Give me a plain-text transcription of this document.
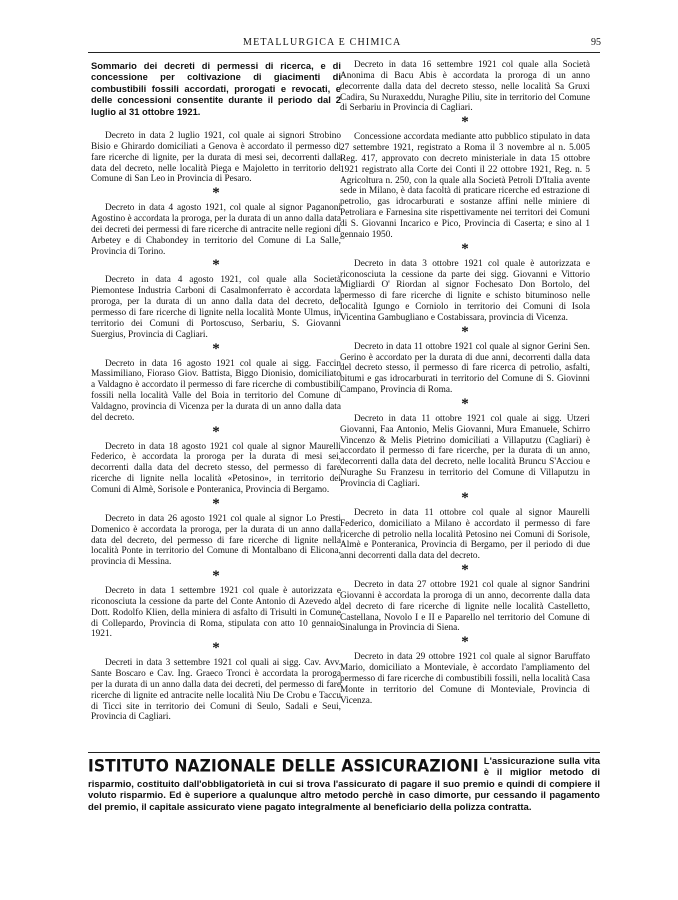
METALLURGICA E CHIMICA	95
Sommario dei decreti di permessi di ricerca, e di concessione per coltivazione di giacimenti di combustibili fossili accordati, prorogati e revocati, e delle concessioni consentite durante il periodo dal 2 luglio al 31 ottobre 1921.

Decreto in data 2 luglio 1921, col quale ai signori Strobino Bisio e Ghirardo domiciliati a Genova è accordato il permesso di fare ricerche di lignite, per la durata di mesi sei, decorrenti dalla data del decreto, nelle località Piega e Majoletto in territorio del Comune di San Leo in Provincia di Pesaro.

*

Decreto in data 4 agosto 1921, col quale al signor Paganoni Agostino è accordata la proroga, per la durata di un anno dalla data dei decreti dei permessi di fare ricerche di antracite nelle regioni di Arbetey e di Chabondey in territorio del Comune di La Salle, Provincia di Torino.

*

Decreto in data 4 agosto 1921, col quale alla Società Piemontese Industria Carboni di Casalmonferrato è accordata la proroga, per la durata di un anno dalla data del decreto, del permesso di fare ricerche di lignite nella località Monte Ulmus, in territorio dei Comuni di Portoscuso, Serbariu, S. Giovanni Suergius, Provincia di Cagliari.

*

Decreto in data 16 agosto 1921 col quale ai sigg. Faccin Massimiliano, Fioraso Giov. Battista, Biggo Dionisio, domiciliato a Valdagno è accordato il permesso di fare ricerche di combustibili fossili nella località Valle del Boia in territorio del Comune di Valdagno, provincia di Vicenza per la durata di un anno dalla data del decreto.

*

Decreto in data 18 agosto 1921 col quale al signor Maurelli Federico, è accordata la proroga per la durata di mesi sei, decorrenti dalla data del decreto stesso, del permesso di fare ricerche di lignite nella località «Petosino», in territorio dei Comuni di Almè, Sorisole e Ponteranica, Provincia di Bergamo.

*

Decreto in data 26 agosto 1921 col quale al signor Lo Presti Domenico è accordata la proroga, per la durata di un anno dalla data del decreto, del permesso di fare ricerche di lignite nella località Ponte in territorio del Comune di Montalbano di Elicona, provincia di Messina.

*

Decreto in data 1 settembre 1921 col quale è autorizzata e riconosciuta la cessione da parte del Conte Antonio di Azevedo al Dott. Rodolfo Klien, della miniera di asfalto di Trisulti in Comune di Collepardo, Provincia di Roma, stipulata con atto 10 gennaio 1921.

*

Decreti in data 3 settembre 1921 col quali ai sigg. Cav. Avv. Sante Boscaro e Cav. Ing. Graeco Tronci è accordata la proroga per la durata di un anno dalla data dei decreti, del permesso di fare ricerche di lignite ed antracite nelle località Niu De Crobu e Taccu di Ticci site in territorio dei Comuni di Seulo, Sadali e Seui, Provincia di Cagliari.

Decreto in data 16 settembre 1921 col quale alla Società Anonima di Bacu Abis è accordata la proroga di un anno decorrente dalla data del decreto stesso, nelle località Sa Gruxi Cadira, Su Nuraxeddu, Nuraghe Piliu, site in territorio del Comune di Serbariu in Provincia di Cagliari.

*

Concessione accordata mediante atto pubblico stipulato in data 27 settembre 1921, registrato a Roma il 3 novembre al n. 5.005 Reg. 417, approvato con decreto ministeriale in data 15 ottobre 1921 registrato alla Corte dei Conti il 22 ottobre 1921, Reg. n. 5 Agricoltura n. 250, con la quale alla Società Petroli D'Italia avente sede in Milano, è data facoltà di praticare ricerche ed estrazione di petrolio, gas idrocarburati e sostanze affini nelle miniere di Petroliara e Farnesina site rispettivamente nei territori dei Comuni di S. Giovanni Incarico e Pico, Provincia di Caserta; e sino al 1 gennaio 1950.

*

Decreto in data 3 ottobre 1921 col quale è autorizzata e riconosciuta la cessione da parte dei sigg. Giovanni e Vittorio Migliardi O' Riordan al signor Fochesato Don Bortolo, del permesso di fare ricerche di lignite e schisto bituminoso nelle località Igungo e Corniolo in territorio dei Comuni di Isola Vicentina Gambugliano e Costabissara, provincia di Vicenza.

*

Decreto in data 11 ottobre 1921 col quale al signor Gerini Sen. Gerino è accordato per la durata di due anni, decorrenti dalla data del decreto stesso, il permesso di fare ricerca di petrolio, asfalti, bitumi e gas idrocarburati in territorio del Comune di S. Giovinni Campano, Provincia di Roma.

*

Decreto in data 11 ottobre 1921 col quale ai sigg. Utzeri Giovanni, Faa Antonio, Melis Giovanni, Mura Emanuele, Schirro Vincenzo & Melis Pietrino domiciliati a Villaputzu (Cagliari) è accordato il permesso di fare ricerche, per la durata di un anno, decorrenti dalla data del decreto, nelle località Bruncu S'Acciou e Nuraghe Su Franzesu in territorio del Comune di Villaputzu in Provincia di Cagliari.

*

Decreto in data 11 ottobre col quale al signor Maurelli Federico, domiciliato a Milano è accordato il permesso di fare ricerche di petrolio nella località Petosino nei Comuni di Sorisole, Almè e Ponteranica, Provincia di Bergamo, per il periodo di due anni decorrenti dalla data del decreto.

*

Decreto in data 27 ottobre 1921 col quale al signor Sandrini Giovanni è accordata la proroga di un anno, decorrente dalla data del decreto di fare ricerche di lignite nelle località Castelletto, Castellana, Novolo I e II e Paparello nel territorio del Comune di Sinalunga in Provincia di Siena.

*

Decreto in data 29 ottobre 1921 col quale al signor Baruffato Mario, domiciliato a Monteviale, è accordato l'ampliamento del permesso di fare ricerche di combustibili fossili, nella località Casa Monte in territorio del Comune di Monteviale, Provincia di Vicenza.

ISTITUTO NAZIONALE DELLE ASSICURAZIONI L'assicurazione sulla vita è il miglior metodo di risparmio, costituito dall'obbligatorietà in cui si trova l'assicurato di pagare il suo premio e quindi di compiere il voluto risparmio. Ed è superiore a qualunque altro metodo perchè in caso dimorte, pur cessando il pagamento del premio, il capitale assicurato viene pagato integralmente al beneficiario della polizza contratta.
